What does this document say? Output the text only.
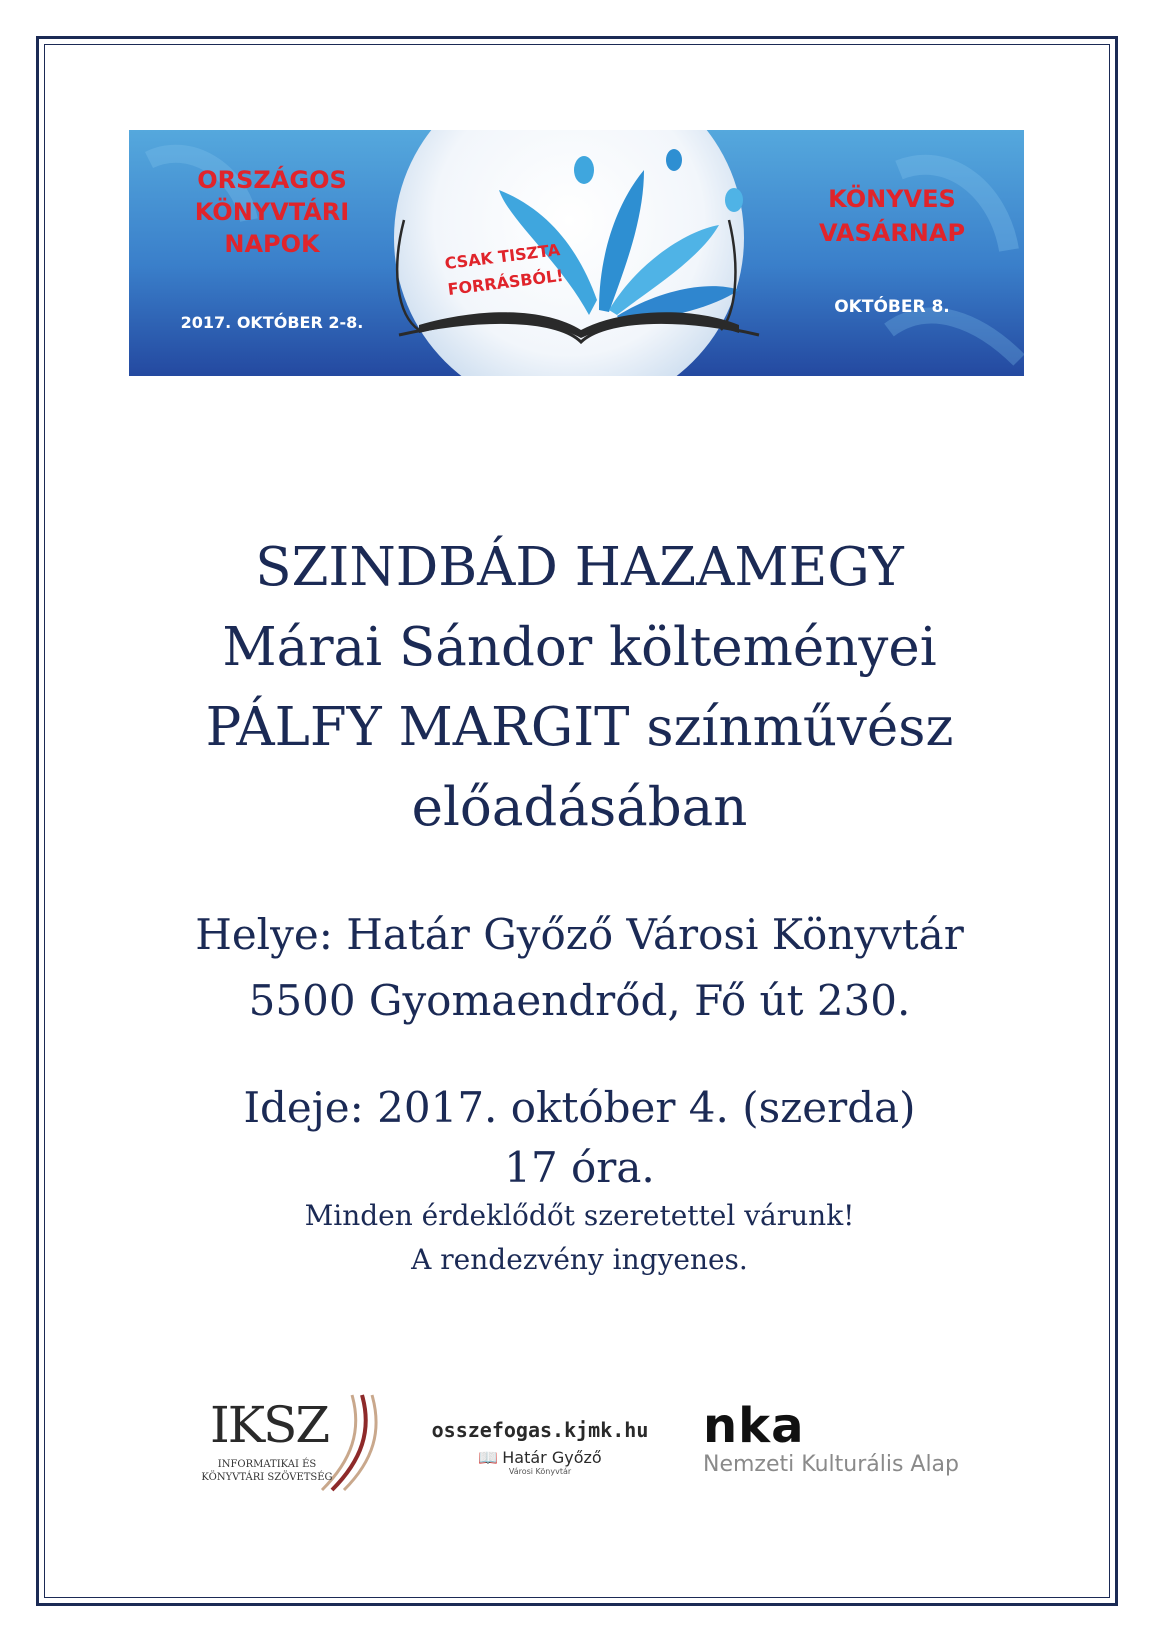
ORSZÁGOS
KÖNYVTÁRI
NAPOK
2017. OKTÓBER 2-8.
CSAK TISZTA
FORRÁSBÓL!
KÖNYVES
VASÁRNAP
OKTÓBER 8.
SZINDBÁD HAZAMEGY
Márai Sándor költeményei
PÁLFY MARGIT színművész
előadásában
Helye: Határ Győző Városi Könyvtár
5500 Gyomaendrőd, Fő út 230.
Ideje: 2017. október 4. (szerda)
17 óra.
Minden érdeklődőt szeretettel várunk!
A rendezvény ingyenes.
IKSZ
INFORMATIKAI ÉS
KÖNYVTÁRI SZÖVETSÉG
osszefogas.kjmk.hu
📖 Határ Győző
Városi Könyvtár
nka
Nemzeti Kulturális Alap
